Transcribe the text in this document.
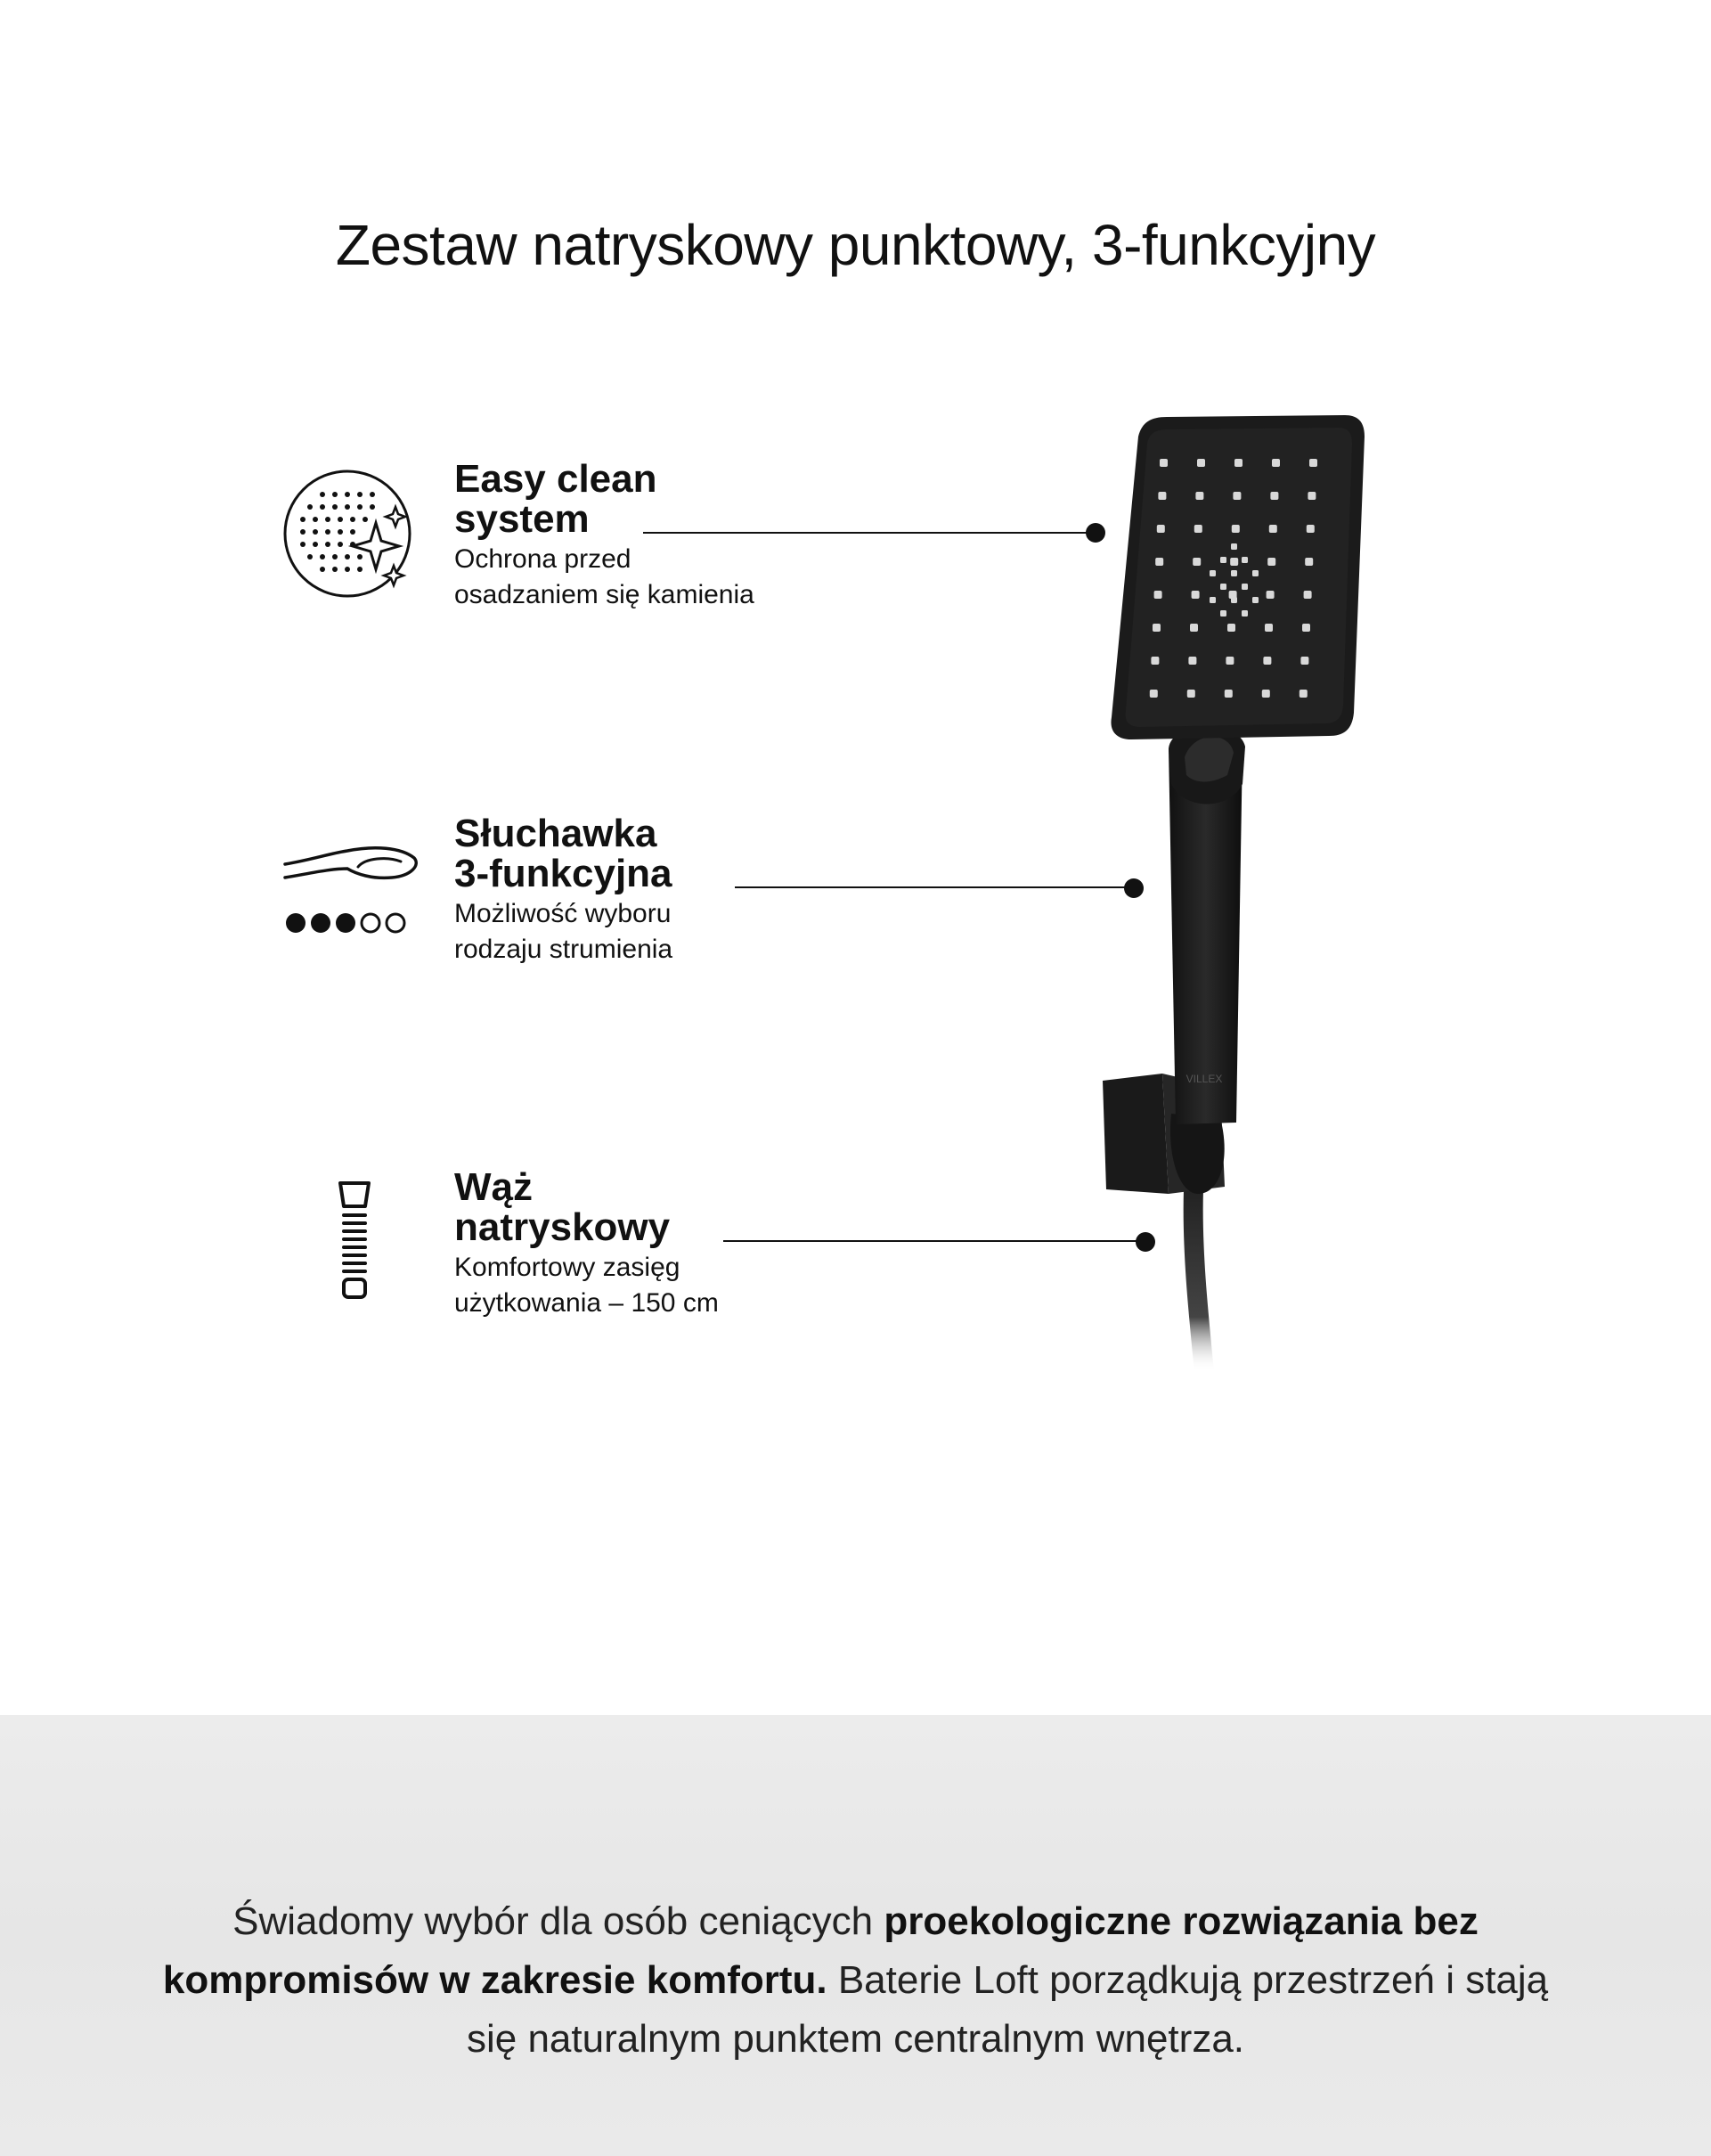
Zestaw natryskowy punktowy, 3-funkcyjny
Easy clean
system

Ochrona przed
osadzaniem się kamienia

Słuchawka
3-funkcyjna

Możliwość wyboru
rodzaju strumienia

Wąż
natryskowy

Komfortowy zasięg
użytkowania – 150 cm

VILLEX

Świadomy wybór dla osób ceniących proekologiczne rozwiązania bez kompromisów w zakresie komfortu. Baterie Loft porządkują przestrzeń i stają się naturalnym punktem centralnym wnętrza.
